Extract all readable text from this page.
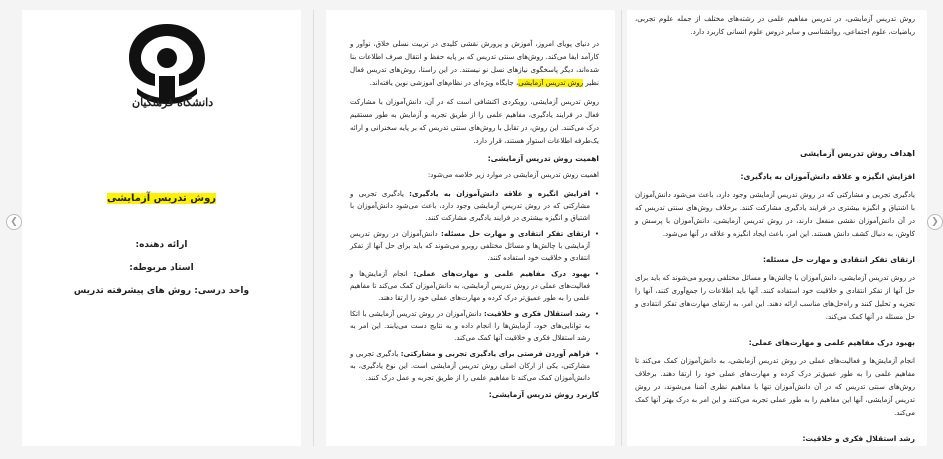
❮	❯
دانشگاه فرهنگیان
روش تدریس آزمایشی
ارائه دهنده:
استاد مربوطه:
واحد درسی: روش های پیشرفته تدریس

در دنیای پویای امروز، آموزش و پرورش نقشی کلیدی در تربیت نسلی خلاق، نوآور و کارآمد ایفا می‌کند. روش‌های سنتی تدریس که بر پایه حفظ و انتقال صرف اطلاعات بنا شده‌اند، دیگر پاسخگوی نیازهای نسل نو نیستند. در این راستا، روش‌های تدریس فعال نظیر روش تدریس آزمایشی، جایگاه ویژه‌ای در نظام‌های آموزشی نوین یافته‌اند.

روش تدریس آزمایشی، رویکردی اکتشافی است که در آن، دانش‌آموزان با مشارکت فعال در فرایند یادگیری، مفاهیم علمی را از طریق تجربه و آزمایش به طور مستقیم درک می‌کنند. این روش، در تقابل با روش‌های سنتی تدریس که بر پایه سخنرانی و ارائه یک‌طرفه اطلاعات استوار هستند، قرار دارد.

اهمیت روش تدریس آزمایشی:

اهمیت روش تدریس آزمایشی در موارد زیر خلاصه می‌شود:

• افزایش انگیزه و علاقه دانش‌آموزان به یادگیری: یادگیری تجربی و مشارکتی که در روش تدریس آزمایشی وجود دارد، باعث می‌شود دانش‌آموزان با اشتیاق و انگیزه بیشتری در فرایند یادگیری مشارکت کنند.
• ارتقای تفکر انتقادی و مهارت حل مسئله: دانش‌آموزان در روش تدریس آزمایشی با چالش‌ها و مسائل مختلفی روبرو می‌شوند که باید برای حل آنها از تفکر انتقادی و خلاقیت خود استفاده کنند.
• بهبود درک مفاهیم علمی و مهارت‌های عملی: انجام آزمایش‌ها و فعالیت‌های عملی در روش تدریس آزمایشی، به دانش‌آموزان کمک می‌کند تا مفاهیم علمی را به طور عمیق‌تر درک کرده و مهارت‌های عملی خود را ارتقا دهند.
• رشد استقلال فکری و خلاقیت: دانش‌آموزان در روش تدریس آزمایشی با اتکا به توانایی‌های خود، آزمایش‌ها را انجام داده و به نتایج دست می‌یابند. این امر به رشد استقلال فکری و خلاقیت آنها کمک می‌کند.
• فراهم آوردن فرصتی برای یادگیری تجربی و مشارکتی: یادگیری تجربی و مشارکتی، یکی از ارکان اصلی روش تدریس آزمایشی است. این نوع یادگیری، به دانش‌آموزان کمک می‌کند تا مفاهیم علمی را از طریق تجربه و عمل درک کنند.
کاربرد روش تدریس آزمایشی:

روش تدریس آزمایشی، در تدریس مفاهیم علمی در رشته‌های مختلف از جمله علوم تجربی، ریاضیات، علوم اجتماعی، روانشناسی و سایر دروس علوم انسانی کاربرد دارد.

اهداف روش تدریس آزمایشی
افزایش انگیزه و علاقه دانش‌آموزان به یادگیری:

یادگیری تجربی و مشارکتی که در روش تدریس آزمایشی وجود دارد، باعث می‌شود دانش‌آموزان با اشتیاق و انگیزه بیشتری در فرایند یادگیری مشارکت کنند. برخلاف روش‌های سنتی تدریس که در آن دانش‌آموزان نقشی منفعل دارند، در روش تدریس آزمایشی، دانش‌آموزان با پرسش و کاوش، به دنبال کشف دانش هستند. این امر، باعث ایجاد انگیزه و علاقه در آنها می‌شود.

ارتقای تفکر انتقادی و مهارت حل مسئله:

در روش تدریس آزمایشی، دانش‌آموزان با چالش‌ها و مسائل مختلفی روبرو می‌شوند که باید برای حل آنها از تفکر انتقادی و خلاقیت خود استفاده کنند. آنها باید اطلاعات را جمع‌آوری کنند، آنها را تجزیه و تحلیل کنند و راه‌حل‌های مناسب ارائه دهند. این امر، به ارتقای مهارت‌های تفکر انتقادی و حل مسئله در آنها کمک می‌کند.

بهبود درک مفاهیم علمی و مهارت‌های عملی:

انجام آزمایش‌ها و فعالیت‌های عملی در روش تدریس آزمایشی، به دانش‌آموزان کمک می‌کند تا مفاهیم علمی را به طور عمیق‌تر درک کرده و مهارت‌های عملی خود را ارتقا دهند. برخلاف روش‌های سنتی تدریس که در آن دانش‌آموزان تنها با مفاهیم نظری آشنا می‌شوند، در روش تدریس آزمایشی، آنها این مفاهیم را به طور عملی تجربه می‌کنند و این امر به درک بهتر آنها کمک می‌کند.

رشد استقلال فکری و خلاقیت:
